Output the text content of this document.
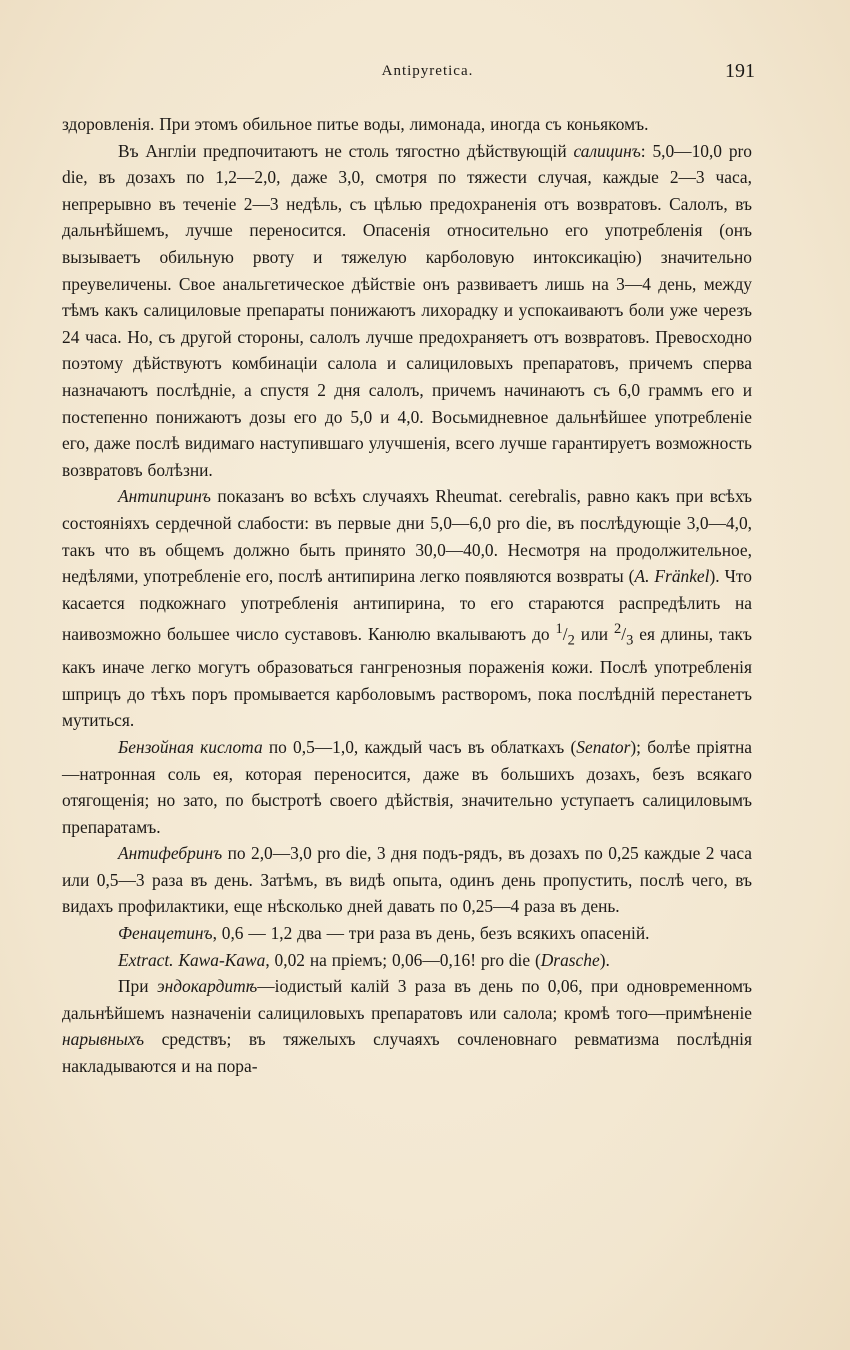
Antipyretica.	191

здоровленія. При этомъ обильное питье воды, лимонада, иногда съ коньякомъ.

Въ Англіи предпочитаютъ не столь тягостно дѣйствующій салицинъ: 5,0—10,0 pro die, въ дозахъ по 1,2—2,0, даже 3,0, смотря по тяжести случая, каждые 2—3 часа, непрерывно въ теченіе 2—3 недѣль, съ цѣлью предохраненія отъ возвратовъ. Салолъ, въ дальнѣйшемъ, лучше переносится. Опасенія относительно его употребленія (онъ вызываетъ обильную рвоту и тяжелую карболовую интоксикацію) значительно преувеличены. Свое анальгетическое дѣйствіе онъ развиваетъ лишь на 3—4 день, между тѣмъ какъ салициловые препараты понижаютъ лихорадку и успокаиваютъ боли уже черезъ 24 часа. Но, съ другой стороны, салолъ лучше предохраняетъ отъ возвратовъ. Превосходно поэтому дѣйствуютъ комбинаціи салола и салициловыхъ препаратовъ, причемъ сперва назначаютъ послѣдніе, а спустя 2 дня салолъ, причемъ начинаютъ съ 6,0 граммъ его и постепенно понижаютъ дозы его до 5,0 и 4,0. Восьмидневное дальнѣйшее употребленіе его, даже послѣ видимаго наступившаго улучшенія, всего лучше гарантируетъ возможность возвратовъ болѣзни.

Антипиринъ показанъ во всѣхъ случаяхъ Rheumat. cerebralis, равно какъ при всѣхъ состояніяхъ сердечной слабости: въ первые дни 5,0—6,0 pro die, въ послѣдующіе 3,0—4,0, такъ что въ общемъ должно быть принято 30,0—40,0. Несмотря на продолжительное, недѣлями, употребленіе его, послѣ антипирина легко появляются возвраты (A. Fränkel). Что касается подкожнаго употребленія антипирина, то его стараются распредѣлить на наивозможно большее число суставовъ. Канюлю вкалываютъ до $^1/_2$ или $^2/_3$ ея длины, такъ какъ иначе легко могутъ образоваться гангренозныя пораженія кожи. Послѣ употребленія шприцъ до тѣхъ поръ промывается карболовымъ растворомъ, пока послѣдній перестанетъ мутиться.

Бензойная кислота по 0,5—1,0, каждый часъ въ облаткахъ (Senator); болѣе пріятна—натронная соль ея, которая переносится, даже въ большихъ дозахъ, безъ всякаго отягощенія; но зато, по быстротѣ своего дѣйствія, значительно уступаетъ салициловымъ препаратамъ.

Антифебринъ по 2,0—3,0 pro die, 3 дня подъ-рядъ, въ дозахъ по 0,25 каждые 2 часа или 0,5—3 раза въ день. Затѣмъ, въ видѣ опыта, одинъ день пропустить, послѣ чего, въ видахъ профилактики, еще нѣсколько дней давать по 0,25—4 раза въ день.

Фенацетинъ, 0,6 — 1,2 два — три раза въ день, безъ всякихъ опасеній.

Extract. Kawa-Kawa, 0,02 на пріемъ; 0,06—0,16! pro die (Drasche).

При эндокардитѣ—іодистый калій 3 раза въ день по 0,06, при одновременномъ дальнѣйшемъ назначеніи салициловыхъ препаратовъ или салола; кромѣ того—примѣненіе нарывныхъ средствъ; въ тяжелыхъ случаяхъ сочленовнаго ревматизма послѣднія накладываются и на пора-
